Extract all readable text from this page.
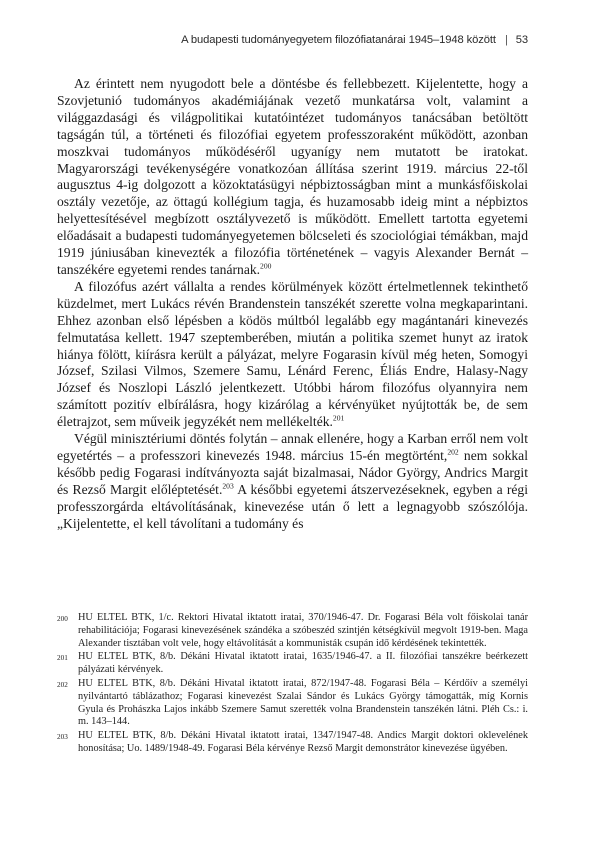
A budapesti tudományegyetem filozófiatanárai 1945–1948 között | 53

Az érintett nem nyugodott bele a döntésbe és fellebbezett. Kijelentette, hogy a Szovjetunió tudományos akadémiájának vezető munkatársa volt, valamint a világgazdasági és világpolitikai kutatóintézet tudományos tanácsában betöltött tagságán túl, a történeti és filozófiai egyetem professzoraként működött, azonban moszkvai tudományos működéséről ugyanígy nem mutatott be iratokat. Magyarországi tevékenységére vonatkozóan állítása szerint 1919. március 22-től augusztus 4-ig dolgozott a közoktatásügyi népbiztosságban mint a munkásfőiskolai osztály vezetője, az öttagú kollégium tagja, és huzamosabb ideig mint a népbiztos helyettesítésével megbízott osztályvezető is működött. Emellett tartotta egyetemi előadásait a budapesti tudományegyetemen bölcseleti és szociológiai témákban, majd 1919 júniusában kinevezték a filozófia történetének – vagyis Alexander Bernát – tanszékére egyetemi rendes tanárnak.$^{200}$

A filozófus azért vállalta a rendes körülmények között értelmetlennek tekinthető küzdelmet, mert Lukács révén Brandenstein tanszékét szerette volna megkaparintani. Ehhez azonban első lépésben a ködös múltból legalább egy magántanári kinevezés felmutatása kellett. 1947 szeptemberében, miután a politika szemet hunyt az iratok hiánya fölött, kiírásra került a pályázat, melyre Fogarasin kívül még heten, Somogyi József, Szilasi Vilmos, Szemere Samu, Lénárd Ferenc, Éliás Endre, Halasy-Nagy József és Noszlopi László jelentkezett. Utóbbi három filozófus olyannyira nem számított pozitív elbírálásra, hogy kizárólag a kérvényüket nyújtották be, de sem életrajzot, sem műveik jegyzékét nem mellékelték.$^{201}$

Végül minisztériumi döntés folytán – annak ellenére, hogy a Karban erről nem volt egyetértés – a professzori kinevezés 1948. március 15-én megtörtént,$^{202}$ nem sokkal később pedig Fogarasi indítványozta saját bizalmasai, Nádor György, Andrics Margit és Rezső Margit előléptetését.$^{203}$ A későbbi egyetemi átszervezéseknek, egyben a régi professzorgárda eltávolításának, kinevezése után ő lett a legnagyobb szószólója. „Kijelentette, el kell távolítani a tudomány és

200 HU ELTEL BTK, 1/c. Rektori Hivatal iktatott iratai, 370/1946-47. Dr. Fogarasi Béla volt főiskolai tanár rehabilitációja; Fogarasi kinevezésének szándéka a szóbeszéd szintjén kétségkívül megvolt 1919-ben. Maga Alexander tisztában volt vele, hogy eltávolítását a kommunisták csupán idő kérdésének tekintették.
201 HU ELTEL BTK, 8/b. Dékáni Hivatal iktatott iratai, 1635/1946-47. a II. filozófiai tanszékre beérkezett pályázati kérvények.
202 HU ELTEL BTK, 8/b. Dékáni Hivatal iktatott iratai, 872/1947-48. Fogarasi Béla – Kérdőív a személyi nyilvántartó táblázathoz; Fogarasi kinevezést Szalai Sándor és Lukács György támogatták, míg Kornis Gyula és Prohászka Lajos inkább Szemere Samut szerették volna Brandenstein tanszékén látni. Pléh Cs.: i. m. 143–144.
203 HU ELTEL BTK, 8/b. Dékáni Hivatal iktatott iratai, 1347/1947-48. Andics Margit doktori oklevelének honosítása; Uo. 1489/1948-49. Fogarasi Béla kérvénye Rezső Margit demonstrátor kinevezése ügyében.
